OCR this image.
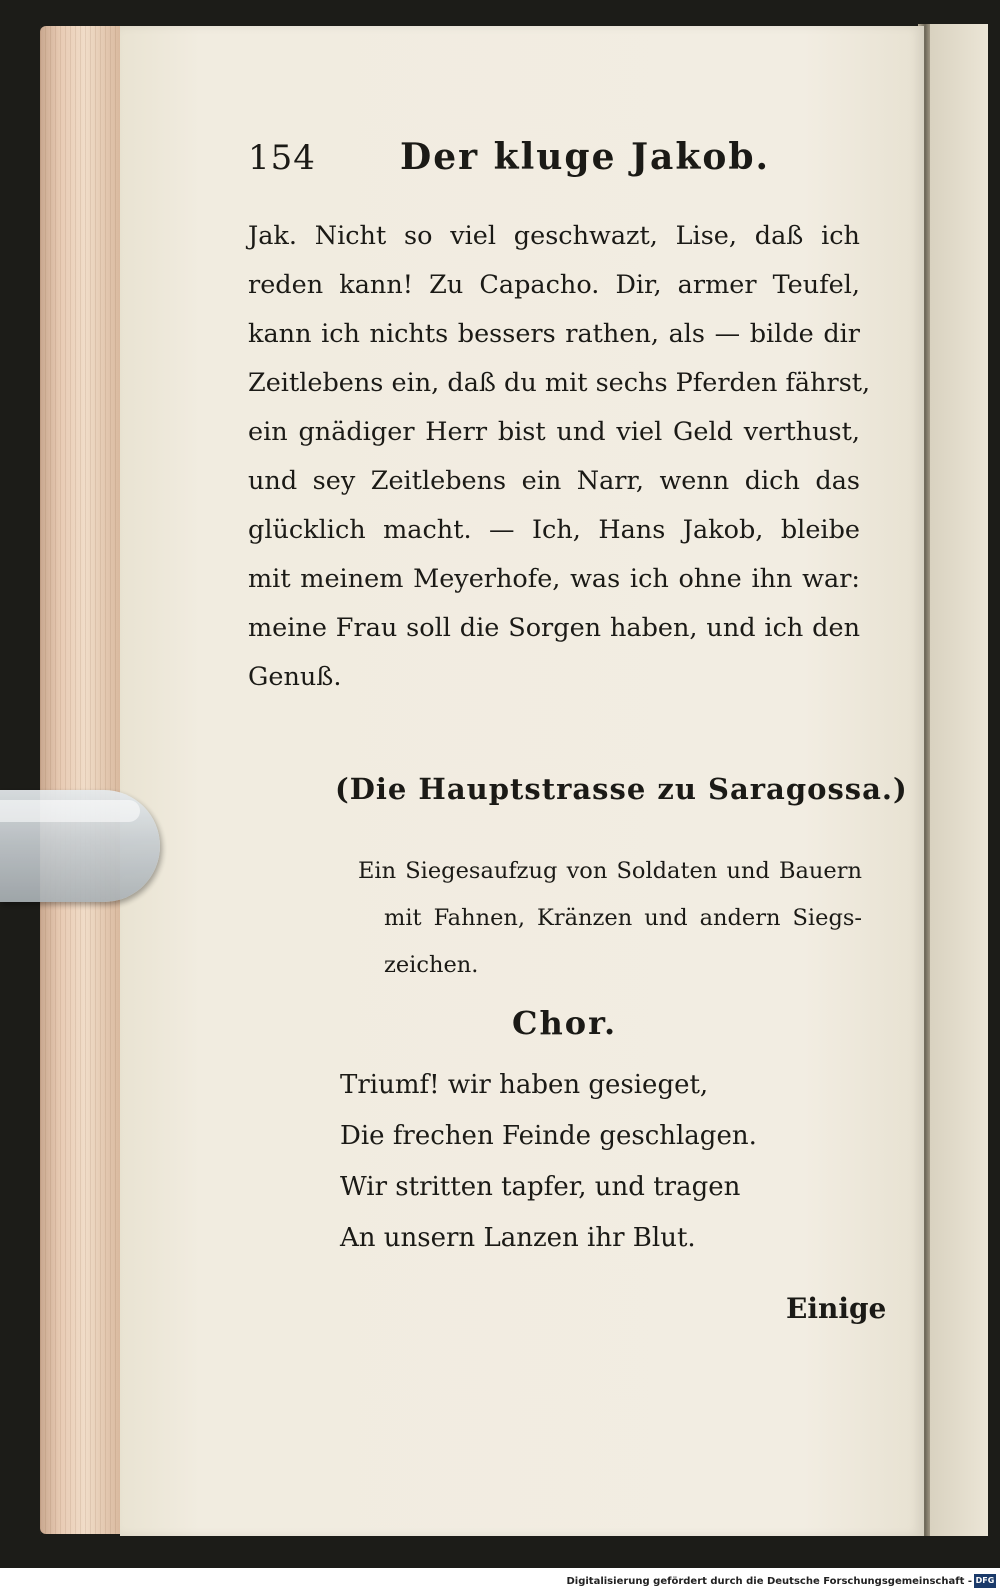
154 Der kluge Jakob.
Jak. Nicht so viel geschwazt, Lise, daß ich
reden kann! Zu Capacho. Dir, armer Teufel,
kann ich nichts bessers rathen, als — bilde dir
Zeitlebens ein, daß du mit sechs Pferden fährst,
ein gnädiger Herr bist und viel Geld verthust,
und sey Zeitlebens ein Narr, wenn dich das
glücklich macht. — Ich, Hans Jakob, bleibe
mit meinem Meyerhofe, was ich ohne ihn war:
meine Frau soll die Sorgen haben, und ich den
Genuß.
(Die Hauptstrasse zu Saragossa.)
Ein Siegesaufzug von Soldaten und Bauern
mit Fahnen, Kränzen und andern Siegs-
zeichen.
Chor.
Triumf! wir haben gesieget,
Die frechen Feinde geschlagen.
Wir stritten tapfer, und tragen
An unsern Lanzen ihr Blut.
Einige
Digitalisierung gefördert durch die Deutsche Forschungsgemeinschaft - DFG
